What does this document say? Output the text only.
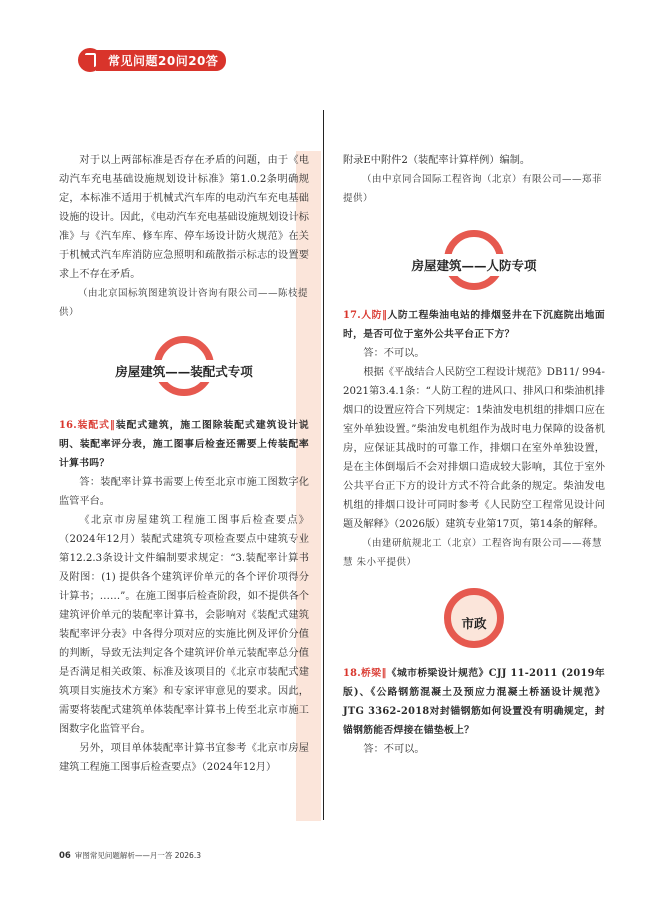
常见问题20问20答

对于以上两部标准是否存在矛盾的问题，由于《电动汽车充电基础设施规划设计标准》第1.0.2条明确规定，本标准不适用于机械式汽车库的电动汽车充电基础设施的设计。因此，《电动汽车充电基础设施规划设计标准》与《汽车库、修车库、停车场设计防火规范》在关于机械式汽车库消防应急照明和疏散指示标志的设置要求上不存在矛盾。

（由北京国标筑图建筑设计咨询有限公司——陈枝提供）

房屋建筑——装配式专项

16.装配式‖装配式建筑，施工图除装配式建筑设计说明、装配率评分表，施工图事后检查还需要上传装配率计算书吗？

答：装配率计算书需要上传至北京市施工图数字化监管平台。

《北京市房屋建筑工程施工图事后检查要点》（2024年12月）装配式建筑专项检查要点中建筑专业第12.2.3条设计文件编制要求规定：“3.装配率计算书及附图：(1) 提供各个建筑评价单元的各个评价项得分计算书；……”。在施工图事后检查阶段，如不提供各个建筑评价单元的装配率计算书，会影响对《装配式建筑装配率评分表》中各得分项对应的实施比例及评价分值的判断，导致无法判定各个建筑评价单元装配率总分值是否满足相关政策、标准及该项目的《北京市装配式建筑项目实施技术方案》和专家评审意见的要求。因此，需要将装配式建筑单体装配率计算书上传至北京市施工图数字化监管平台。

另外，项目单体装配率计算书宜参考《北京市房屋建筑工程施工图事后检查要点》（2024年12月）

附录E中附件2（装配率计算样例）编制。

（由中京同合国际工程咨询（北京）有限公司——郑菲提供）

房屋建筑——人防专项

17.人防‖人防工程柴油电站的排烟竖井在下沉庭院出地面时，是否可位于室外公共平台正下方？

答：不可以。

根据《平战结合人民防空工程设计规范》DB11/ 994-2021第3.4.1条：“人防工程的进风口、排风口和柴油机排烟口的设置应符合下列规定：1柴油发电机组的排烟口应在室外单独设置。”柴油发电机组作为战时电力保障的设备机房，应保证其战时的可靠工作，排烟口在室外单独设置，是在主体倒塌后不会对排烟口造成较大影响，其位于室外公共平台正下方的设计方式不符合此条的规定。柴油发电机组的排烟口设计可同时参考《人民防空工程常见设计问题及解释》（2026版）建筑专业第17页，第14条的解释。

（由建研航规北工（北京）工程咨询有限公司——蒋慧慧 朱小平提供）

市政

18.桥梁‖《城市桥梁设计规范》CJJ 11-2011 (2019年版)、《公路钢筋混凝土及预应力混凝土桥涵设计规范》JTG 3362-2018对封锚钢筋如何设置没有明确规定，封锚钢筋能否焊接在锚垫板上？

答：不可以。

06 审图常见问题解析——月一答 2026.3
